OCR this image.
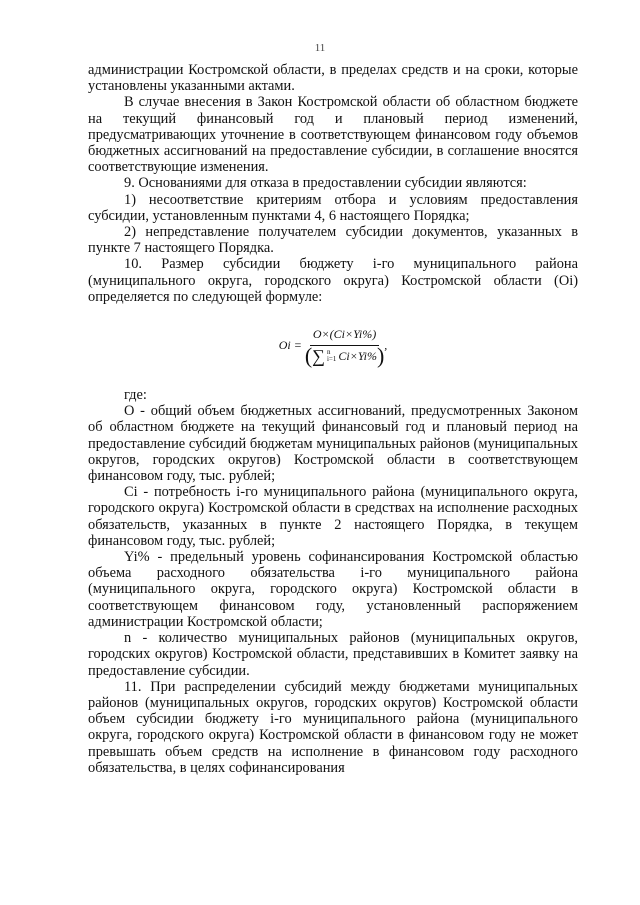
11

администрации Костромской области, в пределах средств и на сроки, которые установлены указанными актами.

В случае внесения в Закон Костромской области об областном бюджете на текущий финансовый год и плановый период изменений, предусматривающих уточнение в соответствующем финансовом году объемов бюджетных ассигнований на предоставление субсидии, в соглашение вносятся соответствующие изменения.

9. Основаниями для отказа в предоставлении субсидии являются:

1) несоответствие критериям отбора и условиям предоставления субсидии, установленным пунктами 4, 6 настоящего Порядка;

2) непредставление получателем субсидии документов, указанных в пункте 7 настоящего Порядка.

10. Размер субсидии бюджету i-го муниципального района (муниципального округа, городского округа) Костромской области (Oi) определяется по следующей формуле:

Oi =
O×(Ci×Yi%)
( ∑ n
i=1 Ci×Yi% ) ,

где:

О - общий объем бюджетных ассигнований, предусмотренных Законом об областном бюджете на текущий финансовый год и плановый период на предоставление субсидий бюджетам муниципальных районов (муниципальных округов, городских округов) Костромской области в соответствующем финансовом году, тыс. рублей;

Ci - потребность i-го муниципального района (муниципального округа, городского округа) Костромской области в средствах на исполнение расходных обязательств, указанных в пункте 2 настоящего Порядка, в текущем финансовом году, тыс. рублей;

Yi% - предельный уровень софинансирования Костромской областью объема расходного обязательства i-го муниципального района (муниципального округа, городского округа) Костромской области в соответствующем финансовом году, установленный распоряжением администрации Костромской области;

n - количество муниципальных районов (муниципальных округов, городских округов) Костромской области, представивших в Комитет заявку на предоставление субсидии.

11. При распределении субсидий между бюджетами муниципальных районов (муниципальных округов, городских округов) Костромской области объем субсидии бюджету i-го муниципального района (муниципального округа, городского округа) Костромской области в финансовом году не может превышать объем средств на исполнение в финансовом году расходного обязательства, в целях софинансирования
